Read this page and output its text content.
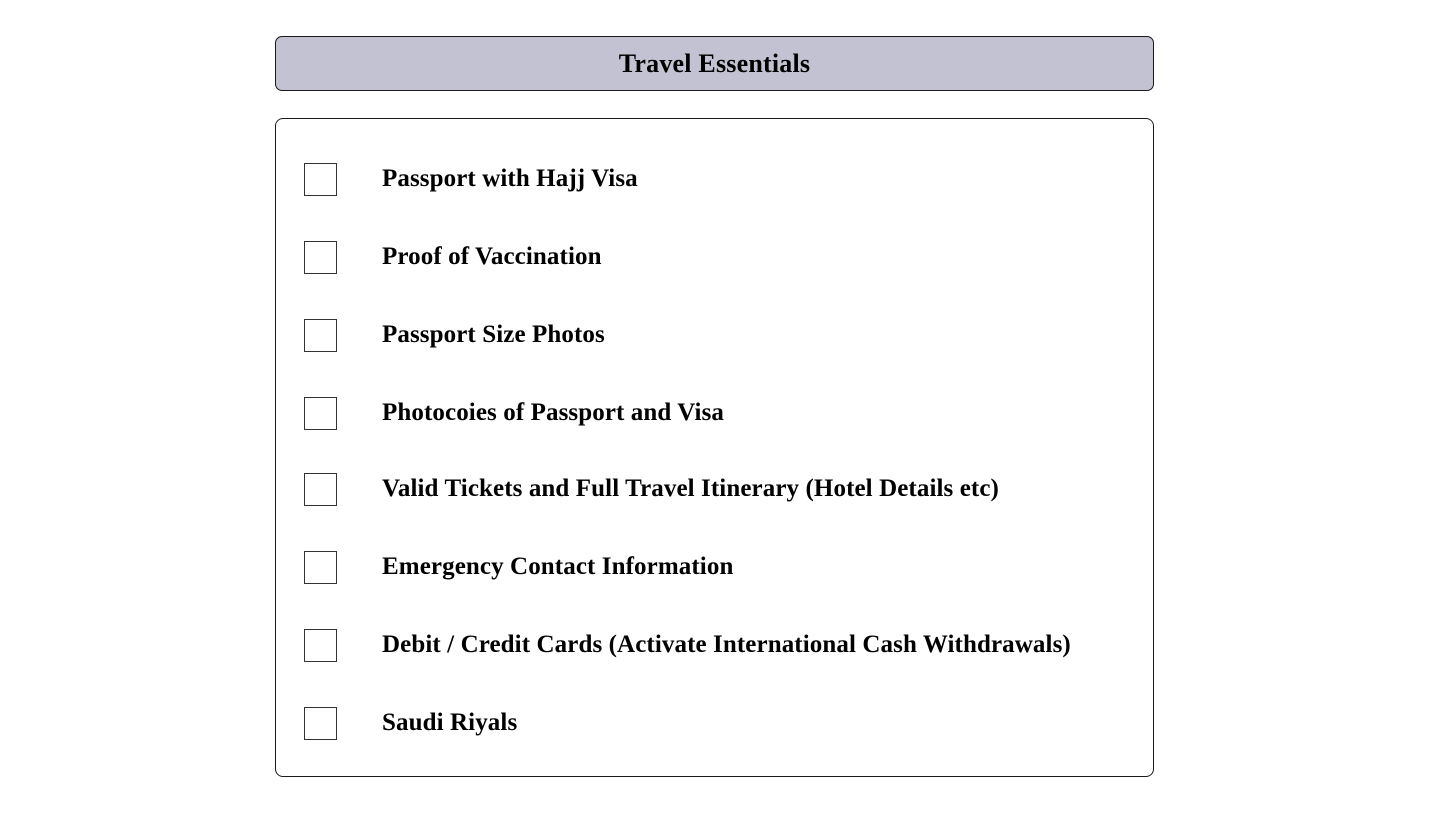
Travel Essentials
Passport with Hajj Visa
Proof of Vaccination
Passport Size Photos
Photocoies of Passport and Visa
Valid Tickets and Full Travel Itinerary (Hotel Details etc)
Emergency Contact Information
Debit / Credit Cards (Activate International Cash Withdrawals)
Saudi Riyals
